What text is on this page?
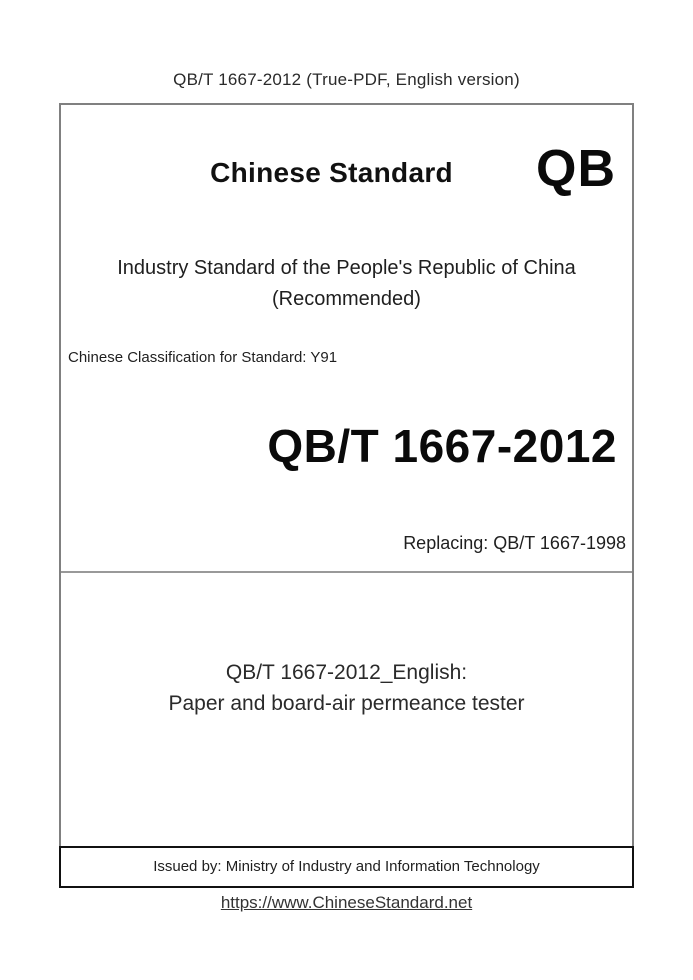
QB/T 1667-2012 (True-PDF, English version)
Chinese Standard	QB
Industry Standard of the People's Republic of China
(Recommended)
Chinese Classification for Standard: Y91
QB/T 1667-2012
Replacing: QB/T 1667-1998
QB/T 1667-2012_English:
Paper and board-air permeance tester
Issued by: Ministry of Industry and Information Technology
https://www.ChineseStandard.net
